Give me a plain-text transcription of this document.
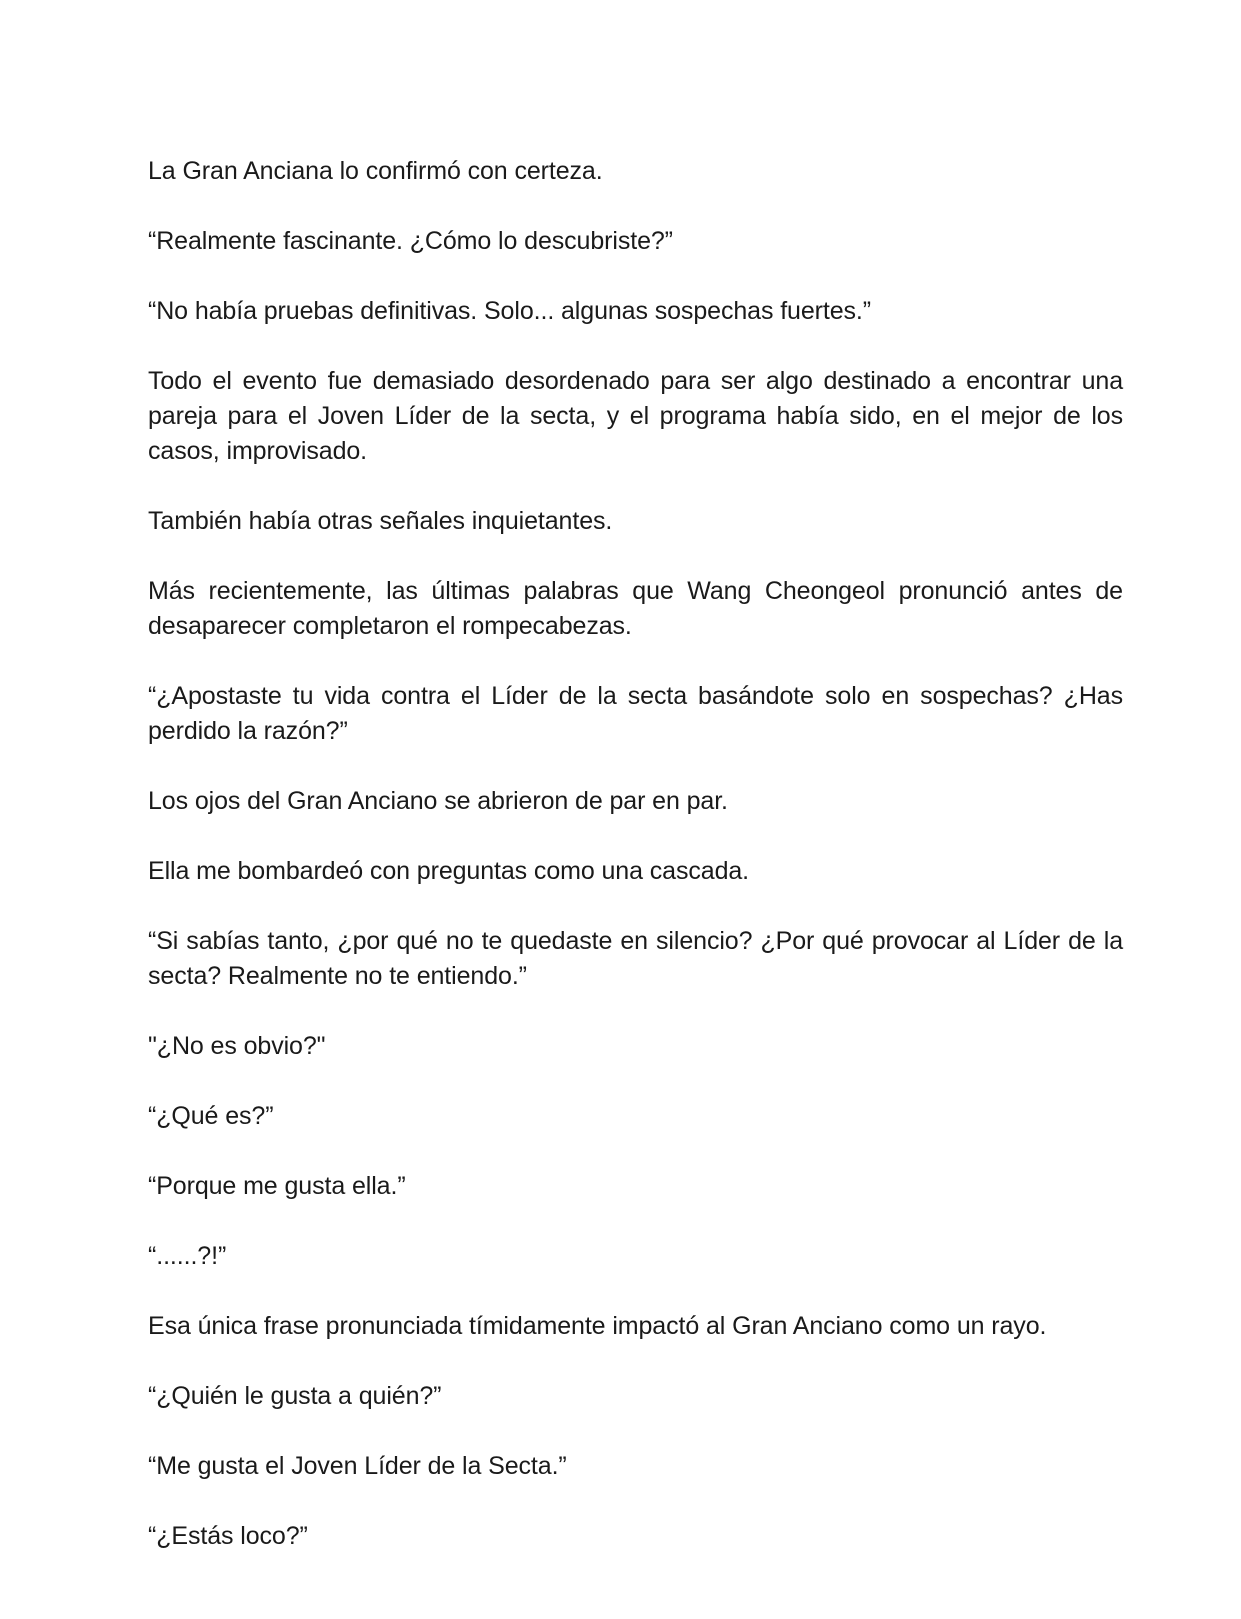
La Gran Anciana lo confirmó con certeza.

“Realmente fascinante. ¿Cómo lo descubriste?”

“No había pruebas definitivas. Solo... algunas sospechas fuertes.”

Todo el evento fue demasiado desordenado para ser algo destinado a encontrar una pareja para el Joven Líder de la secta, y el programa había sido, en el mejor de los casos, improvisado.

También había otras señales inquietantes.

Más recientemente, las últimas palabras que Wang Cheongeol pronunció antes de desaparecer completaron el rompecabezas.

“¿Apostaste tu vida contra el Líder de la secta basándote solo en sospechas? ¿Has perdido la razón?”

Los ojos del Gran Anciano se abrieron de par en par.

Ella me bombardeó con preguntas como una cascada.

“Si sabías tanto, ¿por qué no te quedaste en silencio? ¿Por qué provocar al Líder de la secta? Realmente no te entiendo.”

"¿No es obvio?"

“¿Qué es?”

“Porque me gusta ella.”

“......?!”

Esa única frase pronunciada tímidamente impactó al Gran Anciano como un rayo.

“¿Quién le gusta a quién?”

“Me gusta el Joven Líder de la Secta.”

“¿Estás loco?”
